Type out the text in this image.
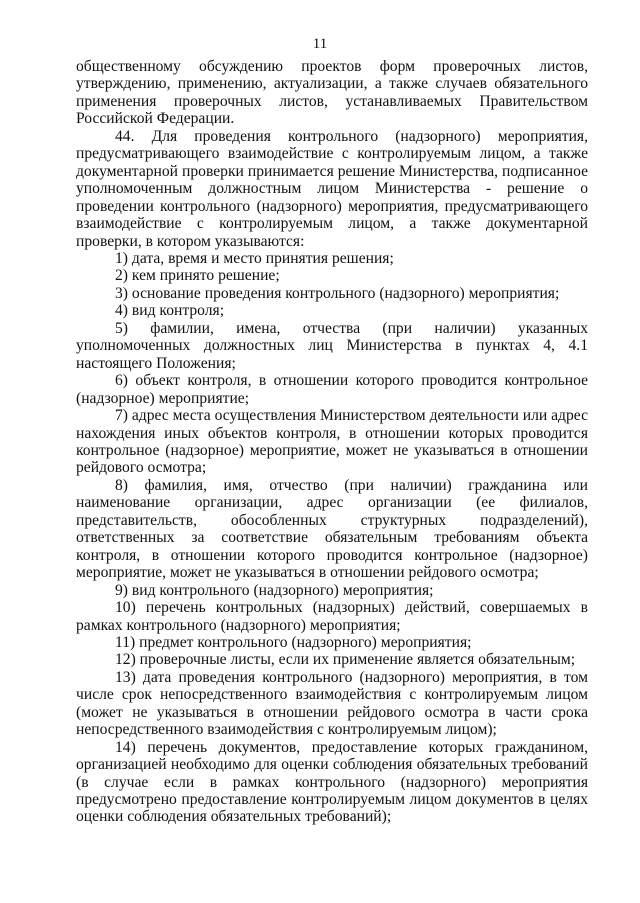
11

общественному обсуждению проектов форм проверочных листов, утверждению, применению, актуализации, а также случаев обязательного применения проверочных листов, устанавливаемых Правительством Российской Федерации.

44. Для проведения контрольного (надзорного) мероприятия, предусматривающего взаимодействие с контролируемым лицом, а также документарной проверки принимается решение Министерства, подписанное уполномоченным должностным лицом Министерства - решение о проведении контрольного (надзорного) мероприятия, предусматривающего взаимодействие с контролируемым лицом, а также документарной проверки, в котором указываются:

1) дата, время и место принятия решения;

2) кем принято решение;

3) основание проведения контрольного (надзорного) мероприятия;

4) вид контроля;

5) фамилии, имена, отчества (при наличии) указанных уполномоченных должностных лиц Министерства в пунктах 4, 4.1 настоящего Положения;

6) объект контроля, в отношении которого проводится контрольное (надзорное) мероприятие;

7) адрес места осуществления Министерством деятельности или адрес нахождения иных объектов контроля, в отношении которых проводится контрольное (надзорное) мероприятие, может не указываться в отношении рейдового осмотра;

8) фамилия, имя, отчество (при наличии) гражданина или наименование организации, адрес организации (ее филиалов, представительств, обособленных структурных подразделений), ответственных за соответствие обязательным требованиям объекта контроля, в отношении которого проводится контрольное (надзорное) мероприятие, может не указываться в отношении рейдового осмотра;

9) вид контрольного (надзорного) мероприятия;

10) перечень контрольных (надзорных) действий, совершаемых в рамках контрольного (надзорного) мероприятия;

11) предмет контрольного (надзорного) мероприятия;

12) проверочные листы, если их применение является обязательным;

13) дата проведения контрольного (надзорного) мероприятия, в том числе срок непосредственного взаимодействия с контролируемым лицом (может не указываться в отношении рейдового осмотра в части срока непосредственного взаимодействия с контролируемым лицом);

14) перечень документов, предоставление которых гражданином, организацией необходимо для оценки соблюдения обязательных требований (в случае если в рамках контрольного (надзорного) мероприятия предусмотрено предоставление контролируемым лицом документов в целях оценки соблюдения обязательных требований);
